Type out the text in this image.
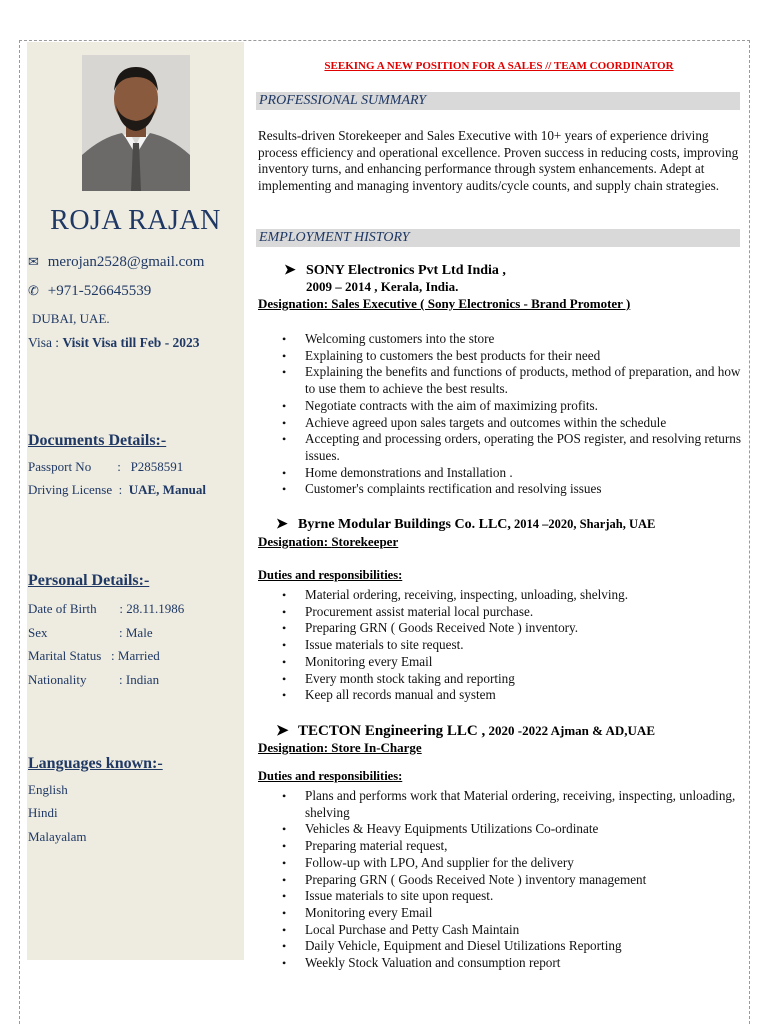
ROJA RAJAN
✉ merojan2528@gmail.com
✆ +971-526645539
DUBAI, UAE.
Visa : Visit Visa till Feb - 2023
Documents Details:-
Passport No        :   P2858591
Driving License  :  UAE, Manual
Personal Details:-
Date of Birth       : 28.11.1986
Sex                      : Male
Marital Status   : Married
Nationality          : Indian
Languages known:-
English
Hindi
Malayalam
SEEKING A NEW POSITION FOR A SALES // TEAM COORDINATOR
PROFESSIONAL SUMMARY
Results-driven Storekeeper and Sales Executive with 10+ years of experience driving process efficiency and operational excellence. Proven success in reducing costs, improving inventory turns, and enhancing performance through system enhancements. Adept at implementing and managing inventory audits/cycle counts, and supply chain strategies.
EMPLOYMENT HISTORY
➤ SONY Electronics Pvt Ltd India ,
2009 – 2014 , Kerala, India.
Designation: Sales Executive ( Sony Electronics - Brand Promoter )
• Welcoming customers into the store
• Explaining to customers the best products for their need
• Explaining the benefits and functions of products, method of preparation, and how to use them to achieve the best results.
• Negotiate contracts with the aim of maximizing profits.
• Achieve agreed upon sales targets and outcomes within the schedule
• Accepting and processing orders, operating the POS register, and resolving returns issues.
• Home demonstrations and Installation .
• Customer's complaints rectification and resolving issues
➤ Byrne Modular Buildings Co. LLC, 2014 –2020, Sharjah, UAE
Designation: Storekeeper
Duties and responsibilities:
• Material ordering, receiving, inspecting, unloading, shelving.
• Procurement assist material local purchase.
• Preparing GRN ( Goods Received Note ) inventory.
• Issue materials to site request.
• Monitoring every Email
• Every month stock taking and reporting
• Keep all records manual and system
➤ TECTON Engineering LLC , 2020 -2022 Ajman & AD,UAE
Designation: Store In-Charge
Duties and responsibilities:
• Plans and performs work that Material ordering, receiving, inspecting, unloading, shelving
• Vehicles & Heavy Equipments Utilizations Co-ordinate
• Preparing material request,
• Follow-up with LPO, And supplier for the delivery
• Preparing GRN ( Goods Received Note ) inventory management
• Issue materials to site upon request.
• Monitoring every Email
• Local Purchase and Petty Cash Maintain
• Daily Vehicle, Equipment and Diesel Utilizations Reporting
• Weekly Stock Valuation and consumption report
